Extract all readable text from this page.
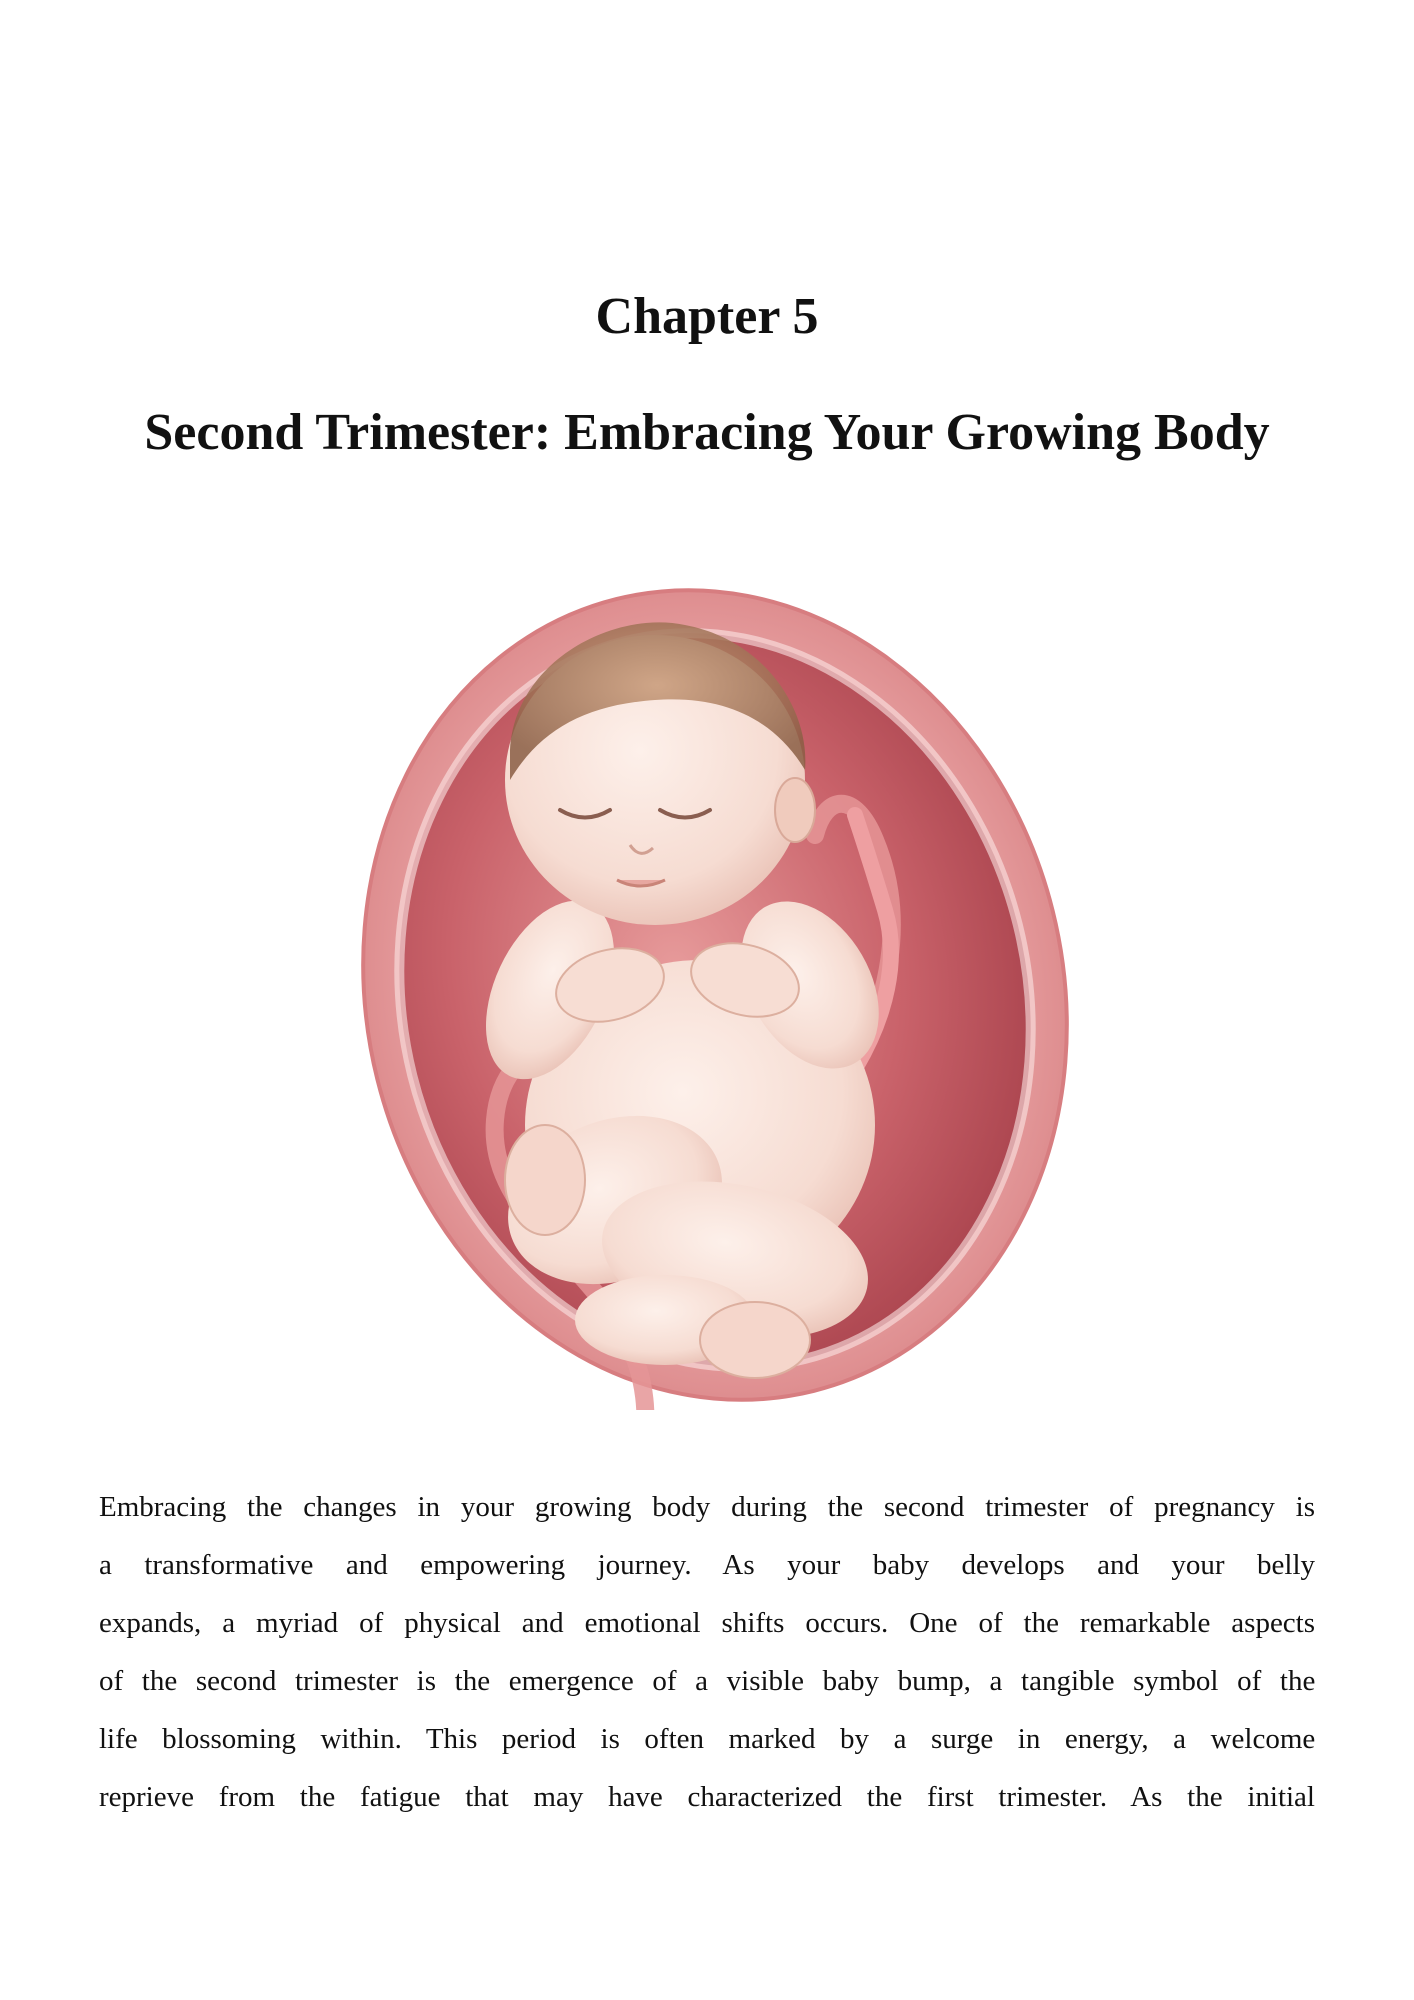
Chapter 5
Second Trimester: Embracing Your Growing Body

Embracing the changes in your growing body during the second trimester of pregnancy is
a transformative and empowering journey. As your baby develops and your belly
expands, a myriad of physical and emotional shifts occurs. One of the remarkable aspects
of the second trimester is the emergence of a visible baby bump, a tangible symbol of the
life blossoming within. This period is often marked by a surge in energy, a welcome
reprieve from the fatigue that may have characterized the first trimester. As the initial
